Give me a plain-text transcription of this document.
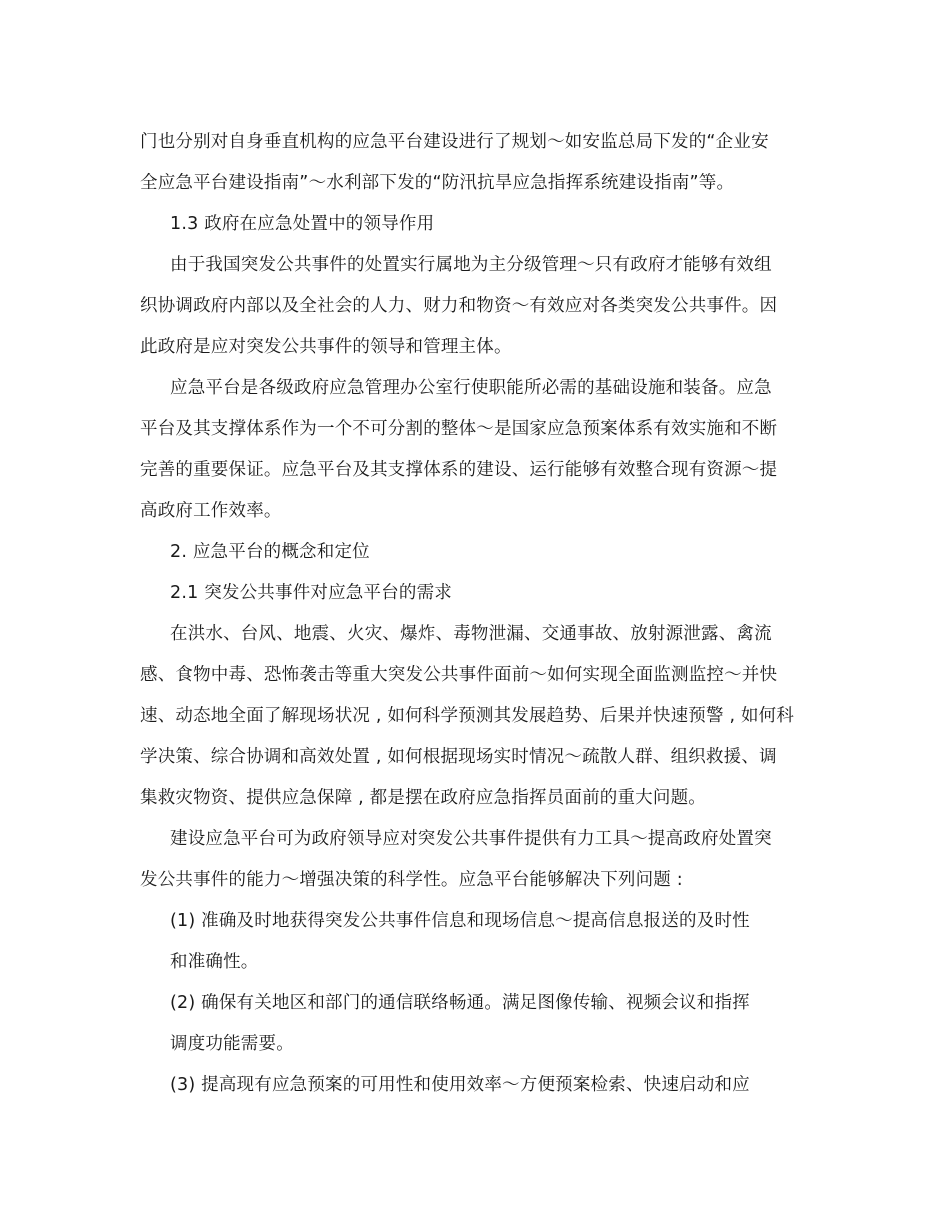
门也分别对自身垂直机构的应急平台建设进行了规划～如安监总局下发的“企业安
全应急平台建设指南”～水利部下发的“防汛抗旱应急指挥系统建设指南”等。
1.3 政府在应急处置中的领导作用
由于我国突发公共事件的处置实行属地为主分级管理～只有政府才能够有效组
织协调政府内部以及全社会的人力、财力和物资～有效应对各类突发公共事件。因
此政府是应对突发公共事件的领导和管理主体。
应急平台是各级政府应急管理办公室行使职能所必需的基础设施和装备。应急
平台及其支撑体系作为一个不可分割的整体～是国家应急预案体系有效实施和不断
完善的重要保证。应急平台及其支撑体系的建设、运行能够有效整合现有资源～提
高政府工作效率。
2. 应急平台的概念和定位
2.1 突发公共事件对应急平台的需求
在洪水、台风、地震、火灾、爆炸、毒物泄漏、交通事故、放射源泄露、禽流
感、食物中毒、恐怖袭击等重大突发公共事件面前～如何实现全面监测监控～并快
速、动态地全面了解现场状况 , 如何科学预测其发展趋势、后果并快速预警 , 如何科
学决策、综合协调和高效处置 , 如何根据现场实时情况～疏散人群、组织救援、调
集救灾物资、提供应急保障 , 都是摆在政府应急指挥员面前的重大问题。
建设应急平台可为政府领导应对突发公共事件提供有力工具～提高政府处置突
发公共事件的能力～增强决策的科学性。应急平台能够解决下列问题 :
(1) 准确及时地获得突发公共事件信息和现场信息～提高信息报送的及时性
和准确性。
(2) 确保有关地区和部门的通信联络畅通。满足图像传输、视频会议和指挥
调度功能需要。
(3) 提高现有应急预案的可用性和使用效率～方便预案检索、快速启动和应
